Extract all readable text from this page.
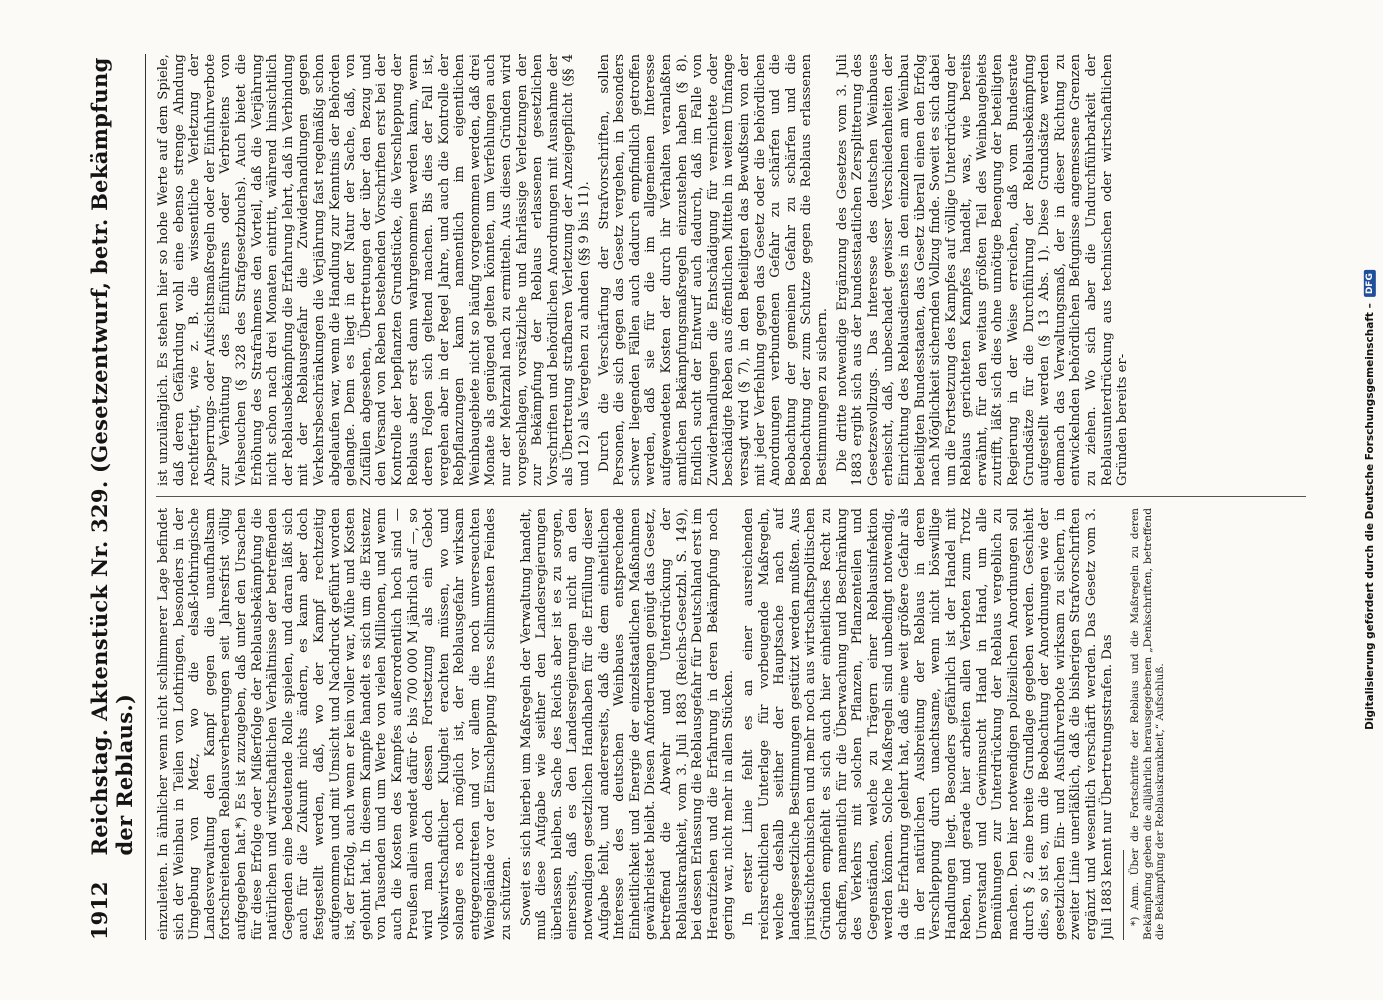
1912
Reichstag. Aktenstück Nr. 329. (Gesetzentwurf, betr. Bekämpfung der Reblaus.) einzuleiten. In ähnlicher wenn nicht schlimmerer Lage befindet sich der Weinbau in Teilen von Lothringen, besonders in der Umgebung von Metz, wo die elsaß-lothringische Landesverwaltung den Kampf gegen die unaufhaltsam fortschreitenden Reblausverheerungen seit Jahresfrist völlig aufgegeben hat.*) Es ist zuzugeben, daß unter den Ursachen für diese Erfolge oder Mißerfolge der Reblausbekämpfung die natürlichen und wirtschaftlichen Verhältnisse der betreffenden Gegenden eine bedeutende Rolle spielen, und daran läßt sich auch für die Zukunft nichts ändern, es kann aber doch festgestellt werden, daß, wo der Kampf rechtzeitig aufgenommen und mit Umsicht und Nachdruck geführt worden ist, der Erfolg, auch wenn er kein voller war, Mühe und Kosten gelohnt hat. In diesem Kampfe handelt es sich um die Existenz von Tausenden und um Werte von vielen Millionen, und wenn auch die Kosten des Kampfes außerordentlich hoch sind — Preußen allein wendet dafür 6- bis 700 000 M jährlich auf —, so wird man doch dessen Fortsetzung als ein Gebot volkswirtschaftlicher Klugheit erachten müssen, wo und solange es noch möglich ist, der Reblausgefahr wirksam entgegenzutreten und vor allem die noch unverseuchten Weingelände vor der Einschleppung ihres schlimmsten Feindes zu schützen. Soweit es sich hierbei um Maßregeln der Verwaltung handelt, muß diese Aufgabe wie seither den Landesregierungen überlassen bleiben. Sache des Reichs aber ist es zu sorgen, einerseits, daß es den Landesregierungen nicht an den notwendigen gesetzlichen Handhaben für die Erfüllung dieser Aufgabe fehlt, und andererseits, daß die dem einheitlichen Interesse des deutschen Weinbaues entsprechende Einheitlichkeit und Energie der einzelstaatlichen Maßnahmen gewährleistet bleibt. Diesen Anforderungen genügt das Gesetz, betreffend die Abwehr und Unterdrückung der Reblauskrankheit, vom 3. Juli 1883 (Reichs-Gesetzbl. S. 149), bei dessen Erlassung die Reblausgefahr für Deutschland erst im Heraufziehen und die Erfahrung in deren Bekämpfung noch gering war, nicht mehr in allen Stücken. In erster Linie fehlt es an einer ausreichenden reichsrechtlichen Unterlage für vorbeugende Maßregeln, welche deshalb seither der Hauptsache nach auf landesgesetzliche Bestimmungen gestützt werden mußten. Aus juristischtechnischen und mehr noch aus wirtschaftspolitischen Gründen empfiehlt es sich auch hier einheitliches Recht zu schaffen, namentlich für die Überwachung und Beschränkung des Verkehrs mit solchen Pflanzen, Pflanzenteilen und Gegenständen, welche zu Trägern einer Reblausinfektion werden können. Solche Maßregeln sind unbedingt notwendig, da die Erfahrung gelehrt hat, daß eine weit größere Gefahr als in der natürlichen Ausbreitung der Reblaus in deren Verschleppung durch unachtsame, wenn nicht böswillige Handlungen liegt. Besonders gefährlich ist der Handel mit Reben, und gerade hier arbeiten allen Verboten zum Trotz Unverstand und Gewinnsucht Hand in Hand, um alle Bemühungen zur Unterdrückung der Reblaus vergeblich zu machen. Den hier notwendigen polizeilichen Anordnungen soll durch § 2 eine breite Grundlage gegeben werden. Geschieht dies, so ist es, um die Beobachtung der Anordnungen wie der gesetzlichen Ein- und Ausfuhrverbote wirksam zu sichern, in zweiter Linie unerläßlich, daß die bisherigen Strafvorschriften ergänzt und wesentlich verschärft werden. Das Gesetz vom 3. Juli 1883 kennt nur Übertretungsstrafen. Das *) Anm. Über die Fortschritte der Reblaus und die Maßregeln zu deren Bekämpfung geben die alljährlich herausgegebenen „Denkschriften, betreffend die Bekämpfung der Reblauskrankheit,“ Aufschluß.

ist unzulänglich. Es stehen hier so hohe Werte auf dem Spiele, daß deren Gefährdung wohl eine ebenso strenge Ahndung rechtfertigt, wie z. B. die wissentliche Verletzung der Absperrungs- oder Aufsichtsmaßregeln oder der Einfuhrverbote zur Verhütung des Einführens oder Verbreitens von Viehseuchen (§ 328 des Strafgesetzbuchs). Auch bietet die Erhöhung des Strafrahmens den Vorteil, daß die Verjährung nicht schon nach drei Monaten eintritt, während hinsichtlich der Reblausbekämpfung die Erfahrung lehrt, daß in Verbindung mit der Reblausgefahr die Zuwiderhandlungen gegen Verkehrsbeschränkungen die Verjährung fast regelmäßig schon abgelaufen war, wenn die Handlung zur Kenntnis der Behörden gelangte. Denn es liegt in der Natur der Sache, daß, von Zufällen abgesehen, Übertretungen der über den Bezug und den Versand von Reben bestehenden Vorschriften erst bei der Kontrolle der bepflanzten Grundstücke, die Verschleppung der Reblaus aber erst dann wahrgenommen werden kann, wenn deren Folgen sich geltend machen. Bis dies der Fall ist, vergehen aber in der Regel Jahre, und auch die Kontrolle der Rebpflanzungen kann namentlich im eigentlichen Weinbaugebiete nicht so häufig vorgenommen werden, daß drei Monate als genügend gelten könnten, um Verfehlungen auch nur der Mehrzahl nach zu ermitteln. Aus diesen Gründen wird vorgeschlagen, vorsätzliche und fahrlässige Verletzungen der zur Bekämpfung der Reblaus erlassenen gesetzlichen Vorschriften und behördlichen Anordnungen mit Ausnahme der als Übertretung strafbaren Verletzung der Anzeigepflicht (§§ 4 und 12) als Vergehen zu ahnden (§§ 9 bis 11). Durch die Verschärfung der Strafvorschriften, sollen Personen, die sich gegen das Gesetz vergehen, in besonders schwer liegenden Fällen auch dadurch empfindlich getroffen werden, daß sie für die im allgemeinen Interesse aufgewendeten Kosten der durch ihr Verhalten veranlaßten amtlichen Bekämpfungsmaßregeln einzustehen haben (§ 8). Endlich sucht der Entwurf auch dadurch, daß im Falle von Zuwiderhandlungen die Entschädigung für vernichtete oder beschädigte Reben aus öffentlichen Mitteln in weitem Umfange versagt wird (§ 7), in den Beteiligten das Bewußtsein von der mit jeder Verfehlung gegen das Gesetz oder die behördlichen Anordnungen verbundenen Gefahr zu schärfen und die Beobachtung der gemeinen Gefahr zu schärfen und die Beobachtung der zum Schutze gegen die Reblaus erlassenen Bestimmungen zu sichern. Die dritte notwendige Ergänzung des Gesetzes vom 3. Juli 1883 ergibt sich aus der bundesstaatlichen Zersplitterung des Gesetzesvollzugs. Das Interesse des deutschen Weinbaues erheischt, daß, unbeschadet gewisser Verschiedenheiten der Einrichtung des Reblausdienstes in den einzelnen am Weinbau beteiligten Bundesstaaten, das Gesetz überall einen den Erfolg nach Möglichkeit sichernden Vollzug finde. Soweit es sich dabei um die Fortsetzung des Kampfes auf völlige Unterdrückung der Reblaus gerichteten Kampfes handelt, was, wie bereits erwähnt, für den weitaus größten Teil des Weinbaugebiets zutrifft, läßt sich dies ohne unnötige Beengung der beteiligten Regierung in der Weise erreichen, daß vom Bundesrate Grundsätze für die Durchführung der Reblausbekämpfung aufgestellt werden (§ 13 Abs. 1). Diese Grundsätze werden demnach das Verwaltungsmaß, der in dieser Richtung zu entwickelnden behördlichen Befugnisse angemessene Grenzen zu ziehen. Wo sich aber die Undurchführbarkeit der Reblausunterdrückung aus technischen oder wirtschaftlichen Gründen bereits er-	Digitalisierung gefördert durch die Deutsche Forschungsgemeinschaft –
DFG
